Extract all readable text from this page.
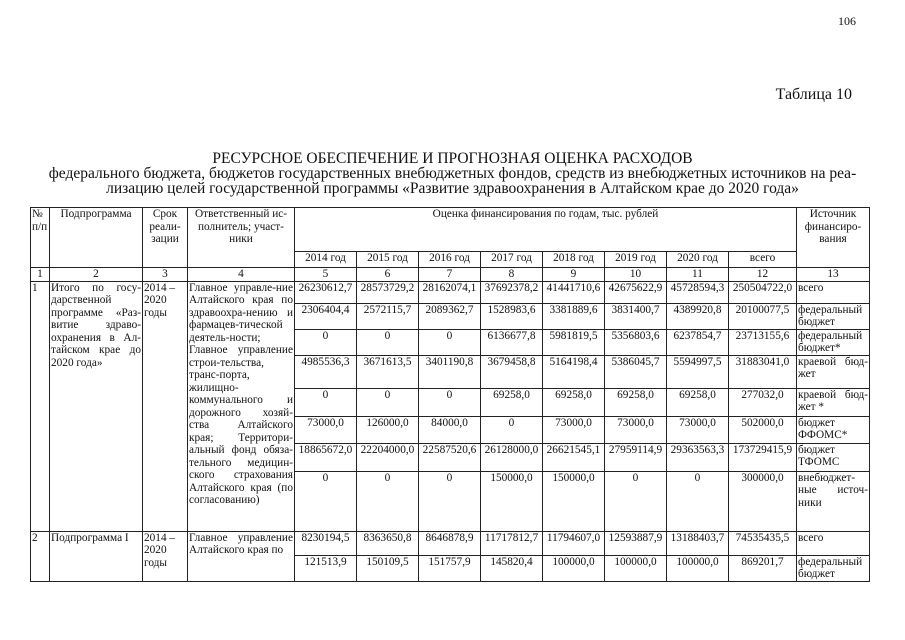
106
Таблица 10
РЕСУРСНОЕ ОБЕСПЕЧЕНИЕ И ПРОГНОЗНАЯ ОЦЕНКА РАСХОДОВ
федерального бюджета, бюджетов государственных внебюджетных фондов, средств из внебюджетных источников на реа-
лизацию целей государственной программы «Развитие здравоохранения в Алтайском крае до 2020 года»
№ п/п	Подпрограмма	Срок реали-зации	Ответственный ис-полнитель; участ-ники	Оценка финансирования по годам, тыс. рублей								Источник финансиро-вания
				2014 год	2015 год	2016 год	2017 год	2018 год	2019 год	2020 год	всего	
1	2	3	4	5	6	7	8	9	10	11	12	13
1	Итого по госу-дарственной программе «Раз-витие здраво-охранения в Ал-тайском крае до 2020 года»	2014 – 2020 годы	Главное управле-ние Алтайского края по здравоохра-нению и фармацев-тической деятель-ности; Главное управление строи-тельства, транс-порта, жилищно-коммунального и дорожного хозяй-ства Алтайского края; Территори-альный фонд обяза-тельного медицин-ского страхования Алтайского края (по согласованию)	26230612,7	28573729,2	28162074,1	37692378,2	41441710,6	42675622,9	45728594,3	250504722,0	всего
				2306404,4	2572115,7	2089362,7	1528983,6	3381889,6	3831400,7	4389920,8	20100077,5	федеральный бюджет
				0	0	0	6136677,8	5981819,5	5356803,6	6237854,7	23713155,6	федеральный бюджет*
				4985536,3	3671613,5	3401190,8	3679458,8	5164198,4	5386045,7	5594997,5	31883041,0	краевой бюд-жет
				0	0	0	69258,0	69258,0	69258,0	69258,0	277032,0	краевой бюд-жет *
				73000,0	126000,0	84000,0	0	73000,0	73000,0	73000,0	502000,0	бюджет ФФОМС*
				18865672,0	22204000,0	22587520,6	26128000,0	26621545,1	27959114,9	29363563,3	173729415,9	бюджет ТФОМС
				0	0	0	150000,0	150000,0	0	0	300000,0	внебюджет-ные источ-ники
2	Подпрограмма I	2014 – 2020 годы	Главное управление Алтайского края по	8230194,5	8363650,8	8646878,9	11717812,7	11794607,0	12593887,9	13188403,7	74535435,5	всего
				121513,9	150109,5	151757,9	145820,4	100000,0	100000,0	100000,0	869201,7	федеральный бюджет
